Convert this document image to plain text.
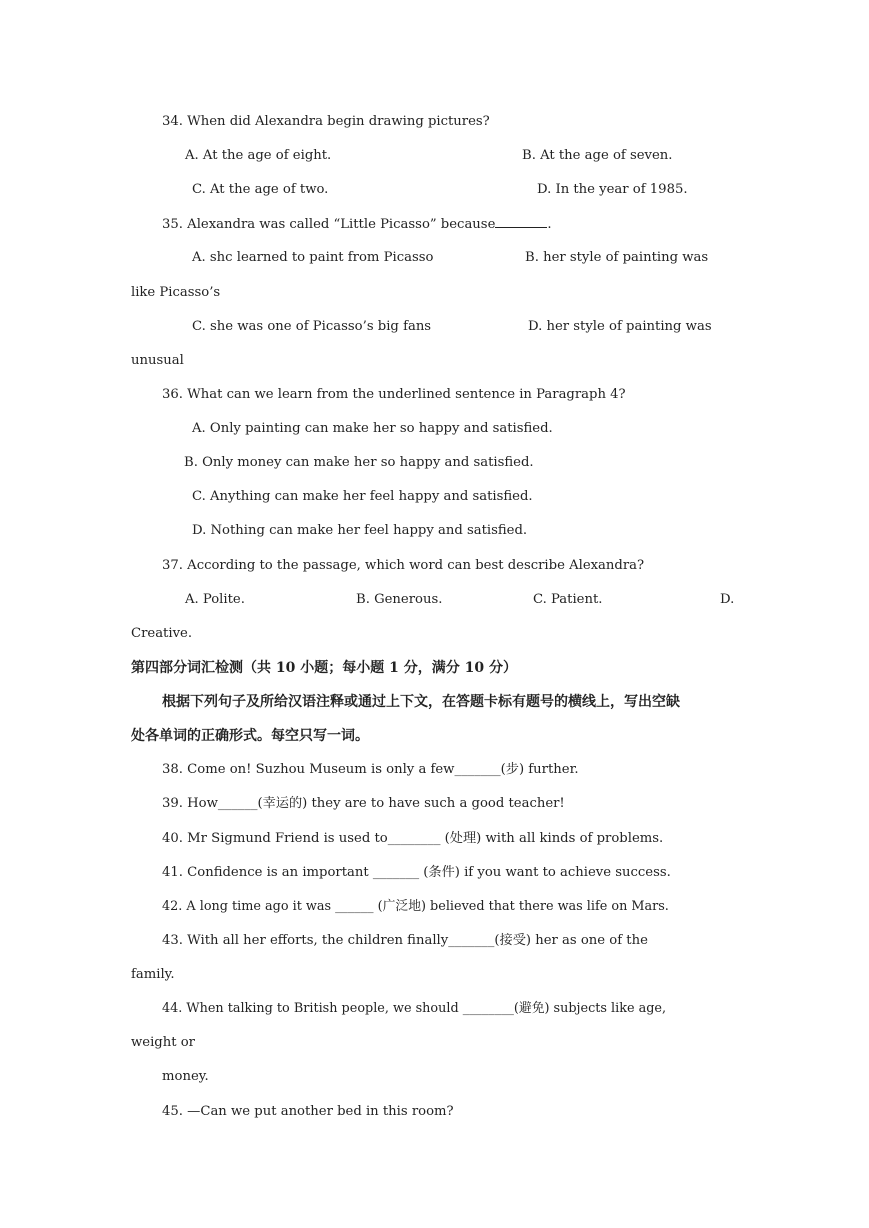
34. When did Alexandra begin drawing pictures?
A. At the age of eight.	B. At the age of seven.
C. At the age of two.	D. In the year of 1985.
35. Alexandra was called “Little Picasso” because	.
A. shc learned to paint from Picasso	B. her style of painting was
like Picasso’s
C. she was one of Picasso’s big fans	D. her style of painting was
unusual
36. What can we learn from the underlined sentence in Paragraph 4?
A. Only painting can make her so happy and satisfied.
B. Only money can make her so happy and satisfied.
C. Anything can make her feel happy and satisfied.
D. Nothing can make her feel happy and satisfied.
37. According to the passage, which word can best describe Alexandra?
A. Polite.	B. Generous.	C. Patient.	D.
Creative.
第四部分词汇检测（共 10 小题；每小题 1 分，满分 10 分）
根据下列句子及所给汉语注释或通过上下文，在答题卡标有题号的横线上，写出空缺
处各单词的正确形式。每空只写一词。
38. Come on! Suzhou Museum is only a few_______(步) further.
39. How______(幸运的) they are to have such a good teacher!
40. Mr Sigmund Friend is used to________ (处理) with all kinds of problems.
41. Confidence is an important _______ (条件) if you want to achieve success.
42. A long time ago it was ______ (广泛地) believed that there was life on Mars.
43. With all her efforts, the children finally_______(接受) her as one of the
family.
44. When talking to British people, we should ________(避免) subjects like age,
weight or
money.
45. —Can we put another bed in this room?
